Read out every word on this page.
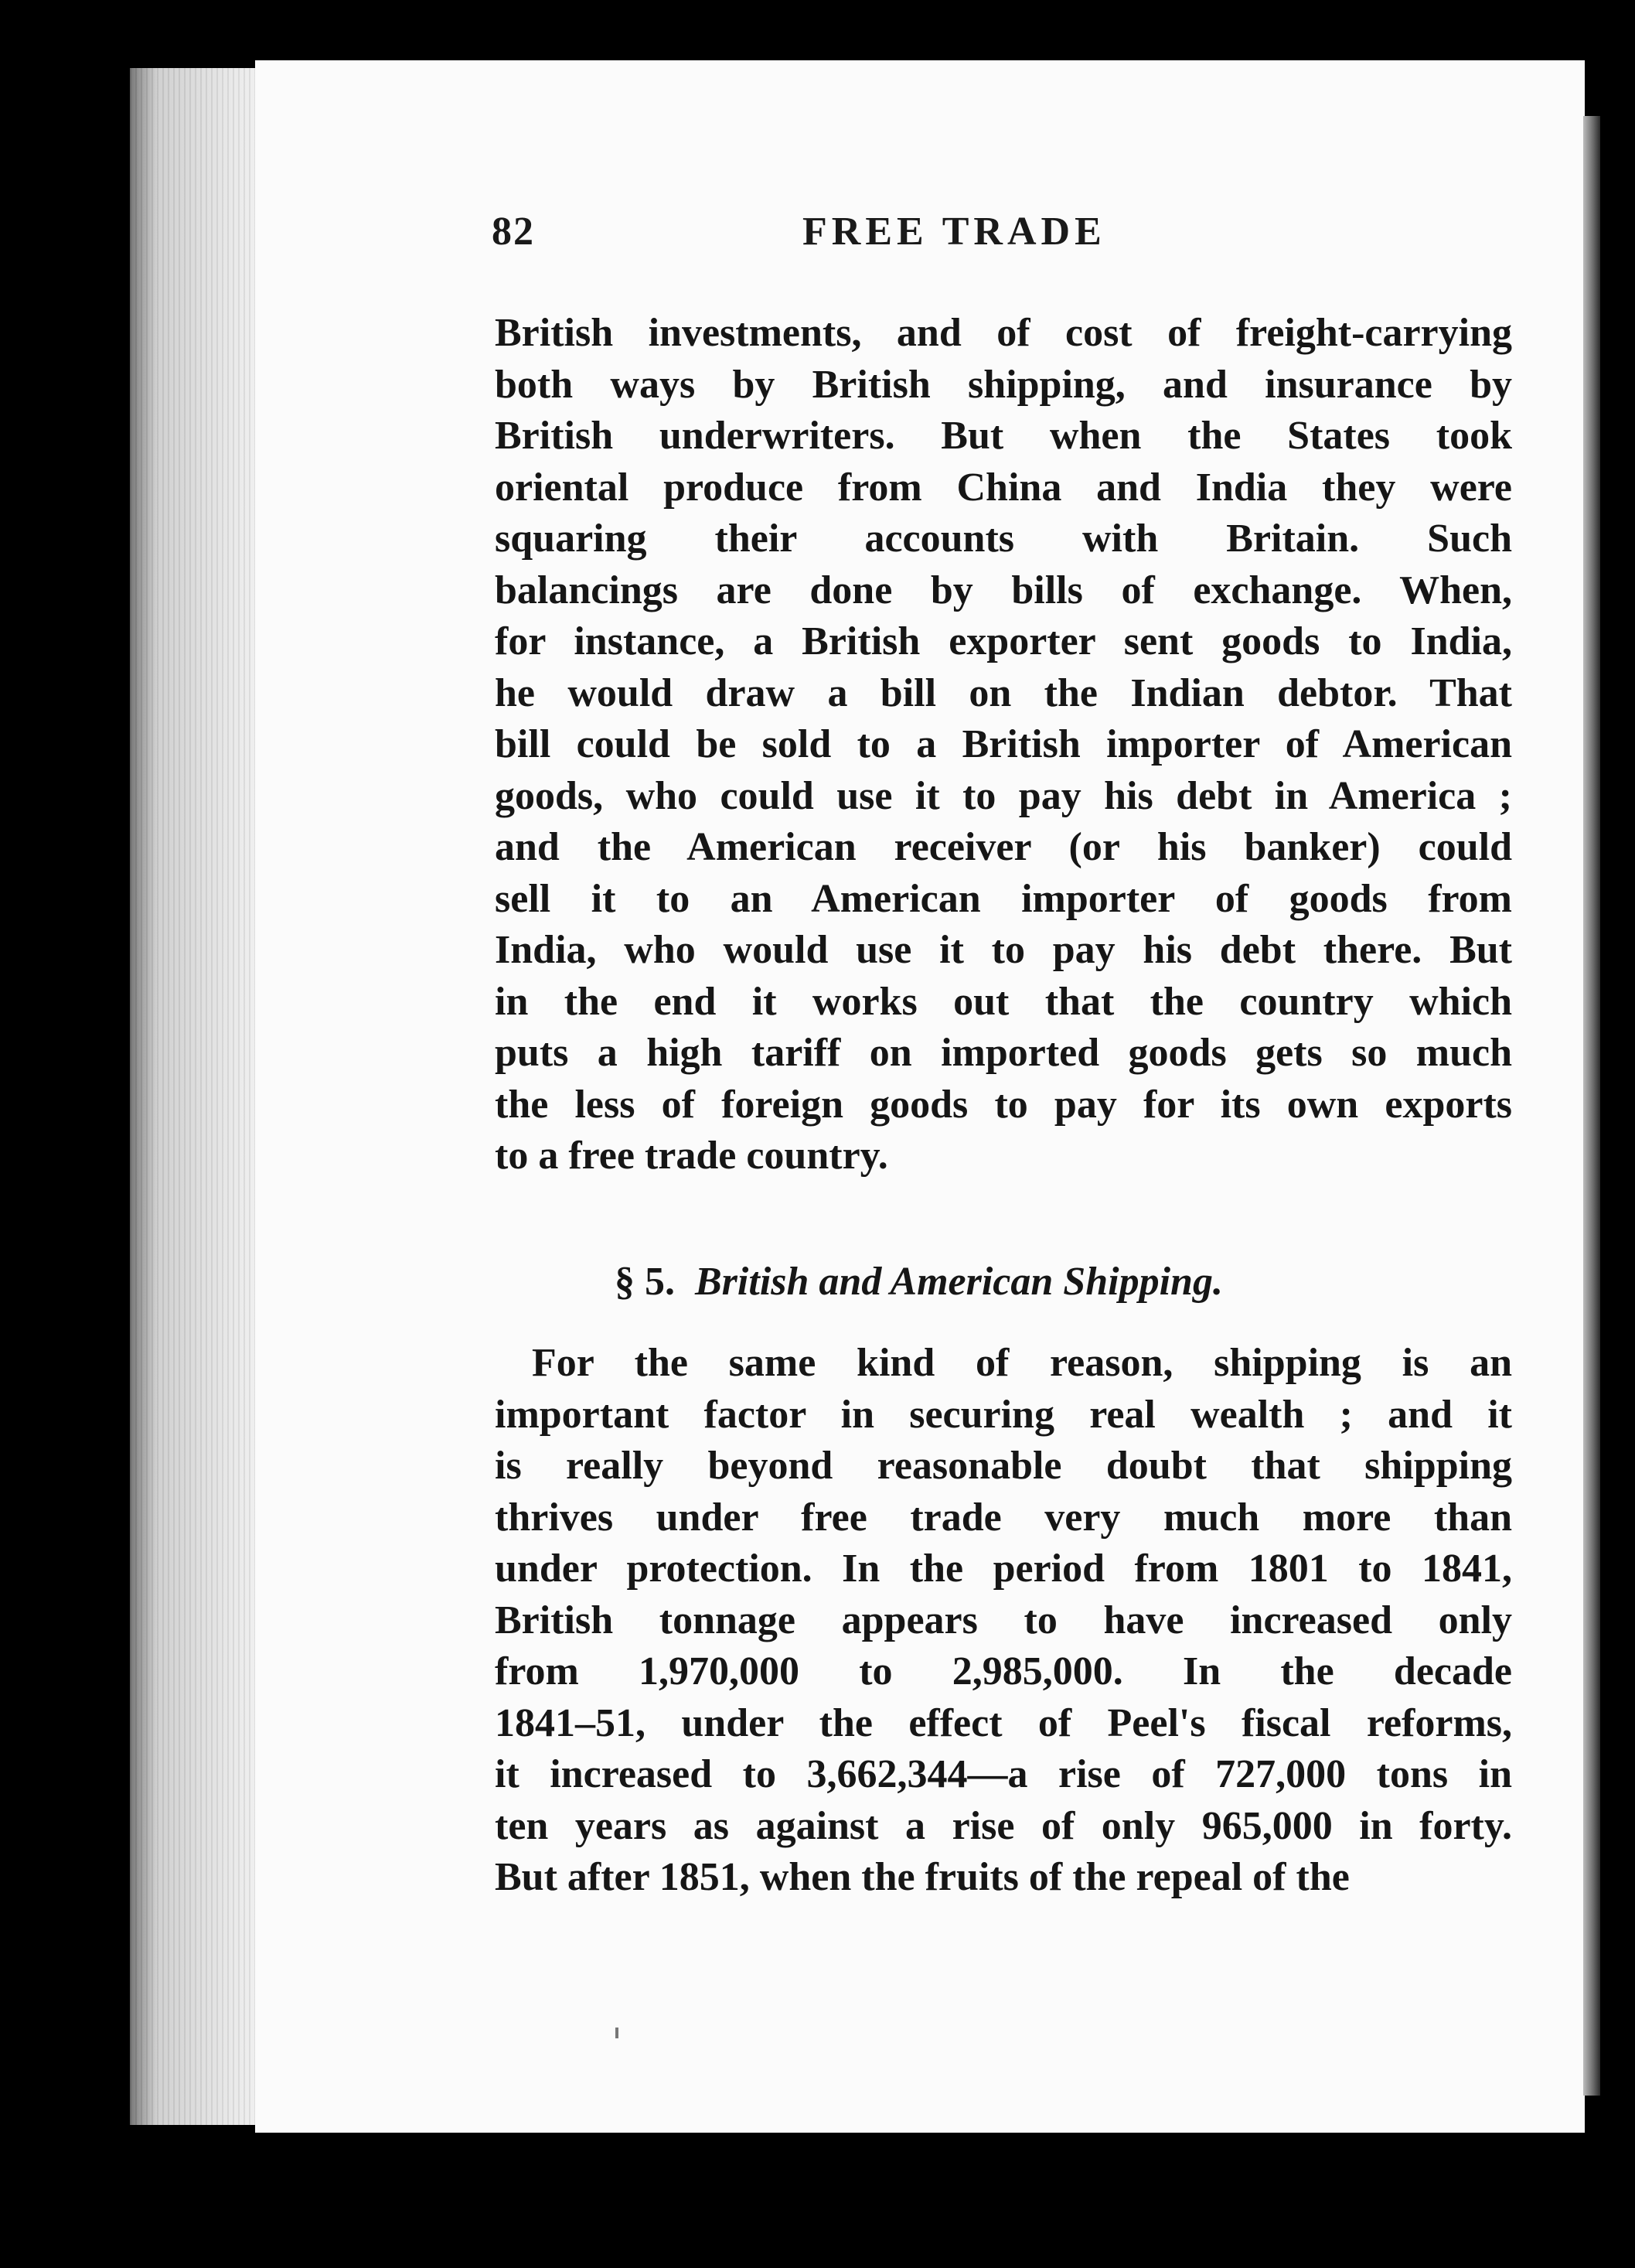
82	FREE TRADE
British investments, and of cost of freight-carrying
both ways by British shipping, and insurance by
British underwriters. But when the States took
oriental produce from China and India they were
squaring their accounts with Britain. Such
balancings are done by bills of exchange. When,
for instance, a British exporter sent goods to India,
he would draw a bill on the Indian debtor. That
bill could be sold to a British importer of American
goods, who could use it to pay his debt in America ;
and the American receiver (or his banker) could
sell it to an American importer of goods from
India, who would use it to pay his debt there. But
in the end it works out that the country which
puts a high tariff on imported goods gets so much
the less of foreign goods to pay for its own exports
to a free trade country.
§ 5. British and American Shipping.
For the same kind of reason, shipping is an
important factor in securing real wealth ; and it
is really beyond reasonable doubt that shipping
thrives under free trade very much more than
under protection. In the period from 1801 to 1841,
British tonnage appears to have increased only
from 1,970,000 to 2,985,000. In the decade
1841–51, under the effect of Peel's fiscal reforms,
it increased to 3,662,344—a rise of 727,000 tons in
ten years as against a rise of only 965,000 in forty.
But after 1851, when the fruits of the repeal of the
